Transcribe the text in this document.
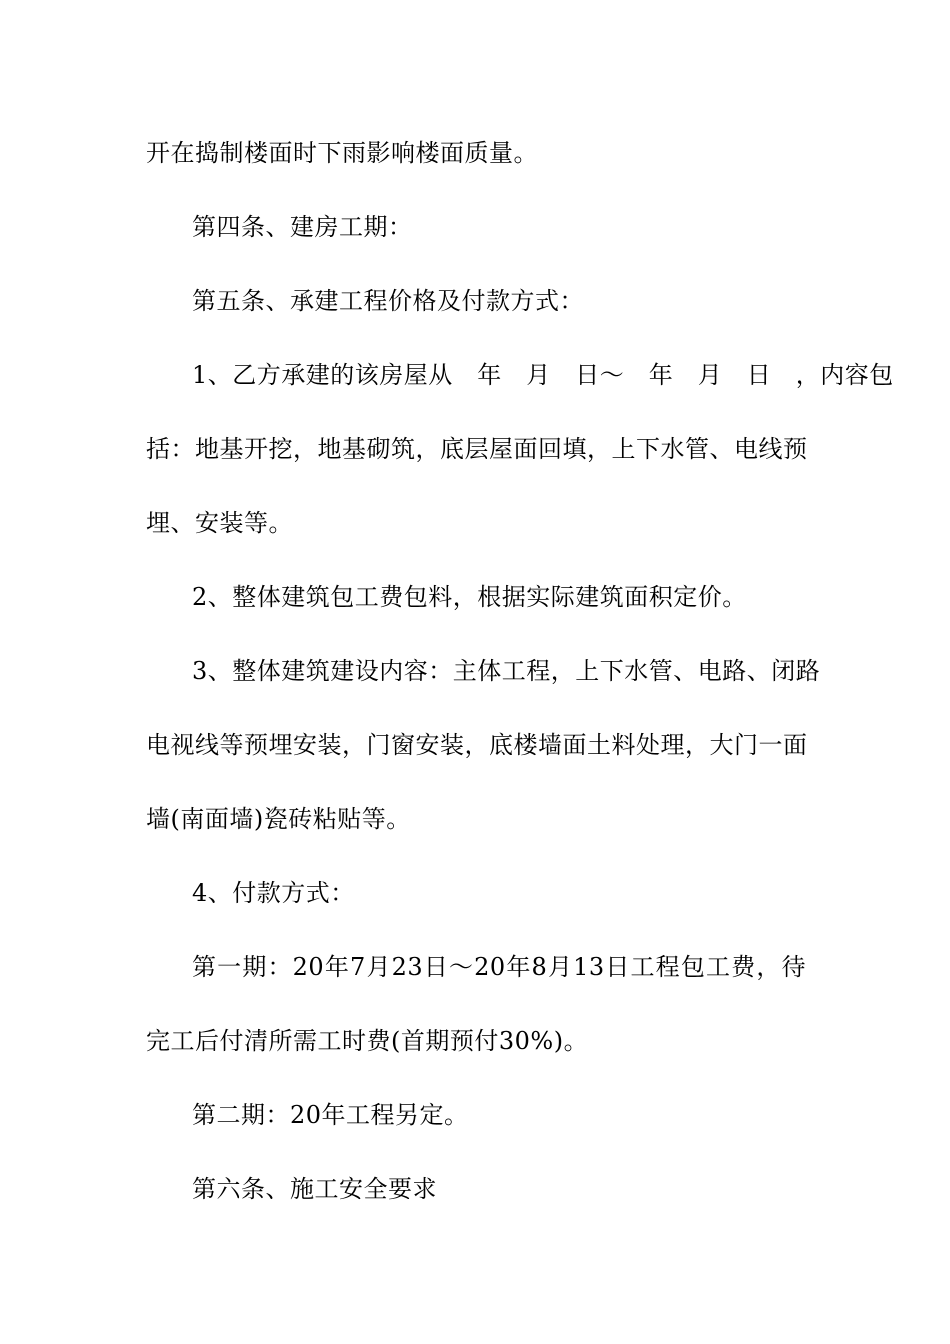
开在捣制楼面时下雨影响楼面质量。
第四条、建房工期：
第五条、承建工程价格及付款方式：
1、乙方承建的该房屋从　年　月　日～　年　月　日　，内容包
括：地基开挖，地基砌筑，底层屋面回填，上下水管、电线预
埋、安装等。
2、整体建筑包工费包料，根据实际建筑面积定价。
3、整体建筑建设内容：主体工程，上下水管、电路、闭路
电视线等预埋安装，门窗安装，底楼墙面土料处理，大门一面
墙(南面墙)瓷砖粘贴等。
4、付款方式：
第一期：20年7月23日～20年8月13日工程包工费，待
完工后付清所需工时费(首期预付30%)。
第二期：20年工程另定。
第六条、施工安全要求
